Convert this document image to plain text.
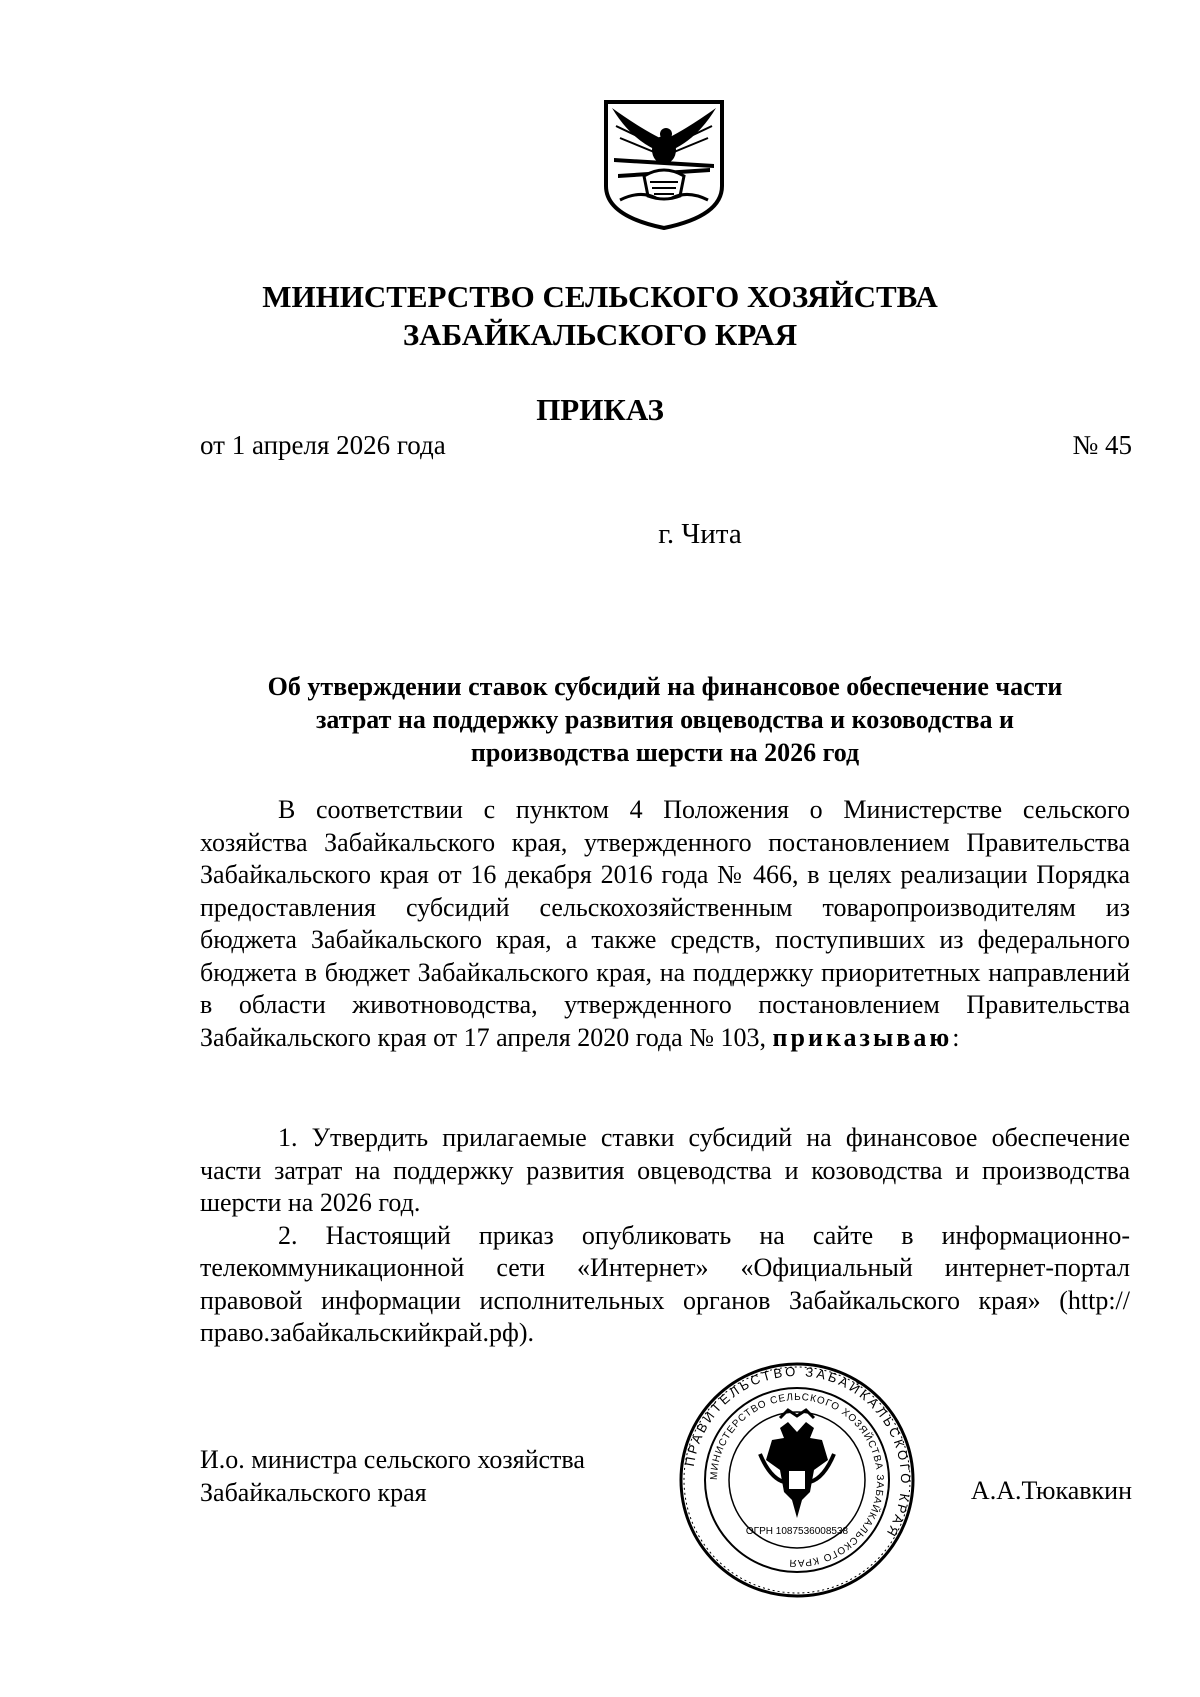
МИНИСТЕРСТВО СЕЛЬСКОГО ХОЗЯЙСТВА
ЗАБАЙКАЛЬСКОГО КРАЯ
ПРИКАЗ
от 1 апреля 2026 года	№ 45
г. Чита
Об утверждении ставок субсидий на финансовое обеспечение части
затрат на поддержку развития овцеводства и козоводства и
производства шерсти на 2026 год

В соответствии с пунктом 4 Положения о Министерстве сельского хозяйства Забайкальского края, утвержденного постановлением Правительства Забайкальского края от 16 декабря 2016 года № 466, в целях реализации Порядка предоставления субсидий сельскохозяйственным товаропроизводителям из бюджета Забайкальского края, а также средств, поступивших из федерального бюджета в бюджет Забайкальского края, на поддержку приоритетных направлений в области животноводства, утвержденного постановлением Правительства Забайкальского края от 17 апреля 2020 года № 103, приказываю:

1. Утвердить прилагаемые ставки субсидий на финансовое обеспечение части затрат на поддержку развития овцеводства и козоводства и производства шерсти на 2026 год.

2. Настоящий приказ опубликовать на сайте в информационно-телекоммуникационной сети «Интернет» «Официальный интернет-портал правовой информации исполнительных органов Забайкальского края» (http://право.забайкальскийкрай.рф).

И.о. министра сельского хозяйства
Забайкальского края
ПРАВИТЕЛЬСТВО ЗАБАЙКАЛЬСКОГО КРАЯ
МИНИСТЕРСТВО СЕЛЬСКОГО ХОЗЯЙСТВА ЗАБАЙКАЛЬСКОГО КРАЯ
ОГРН 1087536008538
А.А.Тюкавкин
